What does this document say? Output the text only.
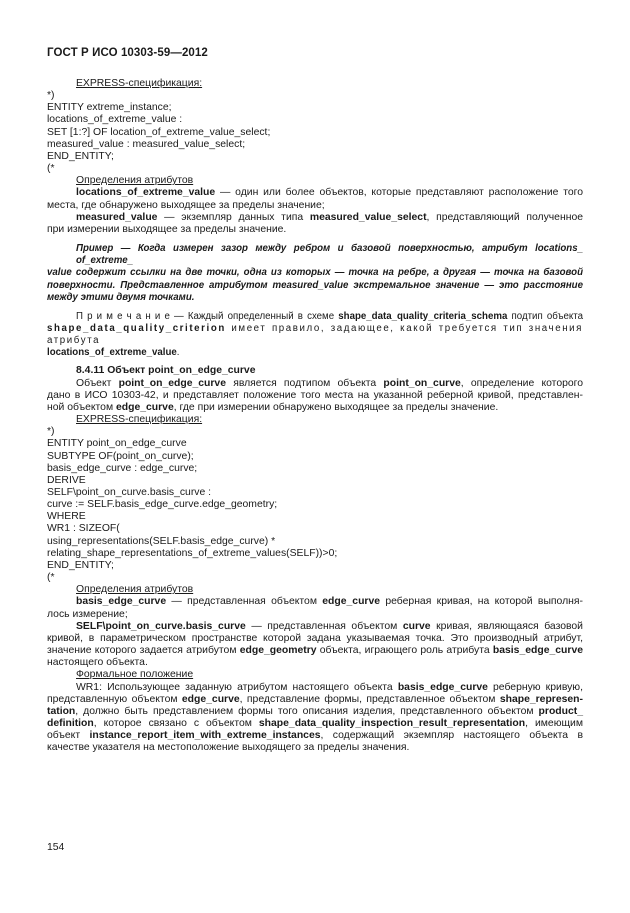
ГОСТ Р ИСО 10303-59—2012
EXPRESS-спецификация:
*)
ENTITY extreme_instance;
locations_of_extreme_value :
SET [1:?] OF location_of_extreme_value_select;
measured_value : measured_value_select;
END_ENTITY;
(*
Определения атрибутов
locations_of_extreme_value — один или более объектов, которые представляют расположение того
места, где обнаружено выходящее за пределы значение;
measured_value — экземпляр данных типа measured_value_select, представляющий полученное
при измерении выходящее за пределы значение.
Пример — Когда измерен зазор между ребром и базовой поверхностью, атрибут locations_ of_extreme_
value содержит ссылки на две точки, одна из которых — точка на ребре, а другая — точка на базовой
поверхности. Представленное атрибутом measured_value экстремальное значение — это расстояние
между этими двумя точками.
П р и м е ч а н и е — Каждый определенный в схеме shape_data_quality_criteria_schema подтип объекта
shape_data_quality_criterion имеет правило, задающее, какой требуется тип значения атрибута
locations_of_extreme_value.
8.4.11 Объект point_on_edge_curve
Объект point_on_edge_curve является подтипом объекта point_on_curve, определение которого
дано в ИСО 10303-42, и представляет положение того места на указанной реберной кривой, представлен-
ной объектом edge_curve, где при измерении обнаружено выходящее за пределы значение.
EXPRESS-спецификация:
*)
ENTITY point_on_edge_curve
SUBTYPE OF(point_on_curve);
basis_edge_curve : edge_curve;
DERIVE
SELF\point_on_curve.basis_curve :
curve := SELF.basis_edge_curve.edge_geometry;
WHERE
WR1 : SIZEOF(
using_representations(SELF.basis_edge_curve) *
relating_shape_representations_of_extreme_values(SELF))>0;
END_ENTITY;
(*
Определения атрибутов
basis_edge_curve — представленная объектом edge_curve реберная кривая, на которой выполня-
лось измерение;
SELF\point_on_curve.basis_curve — представленная объектом curve кривая, являющаяся базовой
кривой, в параметрическом пространстве которой задана указываемая точка. Это производный атрибут,
значение которого задается атрибутом edge_geometry объекта, играющего роль атрибута basis_edge_curve
настоящего объекта.
Формальное положение
WR1: Использующее заданную атрибутом настоящего объекта basis_edge_curve реберную кривую,
представленную объектом edge_curve, представление формы, представленное объектом shape_represen-
tation, должно быть представлением формы того описания изделия, представленного объектом product_
definition, которое связано с объектом shape_data_quality_inspection_result_representation, имеющим
объект instance_report_item_with_extreme_instances, содержащий экземпляр настоящего объекта в
качестве указателя на местоположение выходящего за пределы значения.
154
